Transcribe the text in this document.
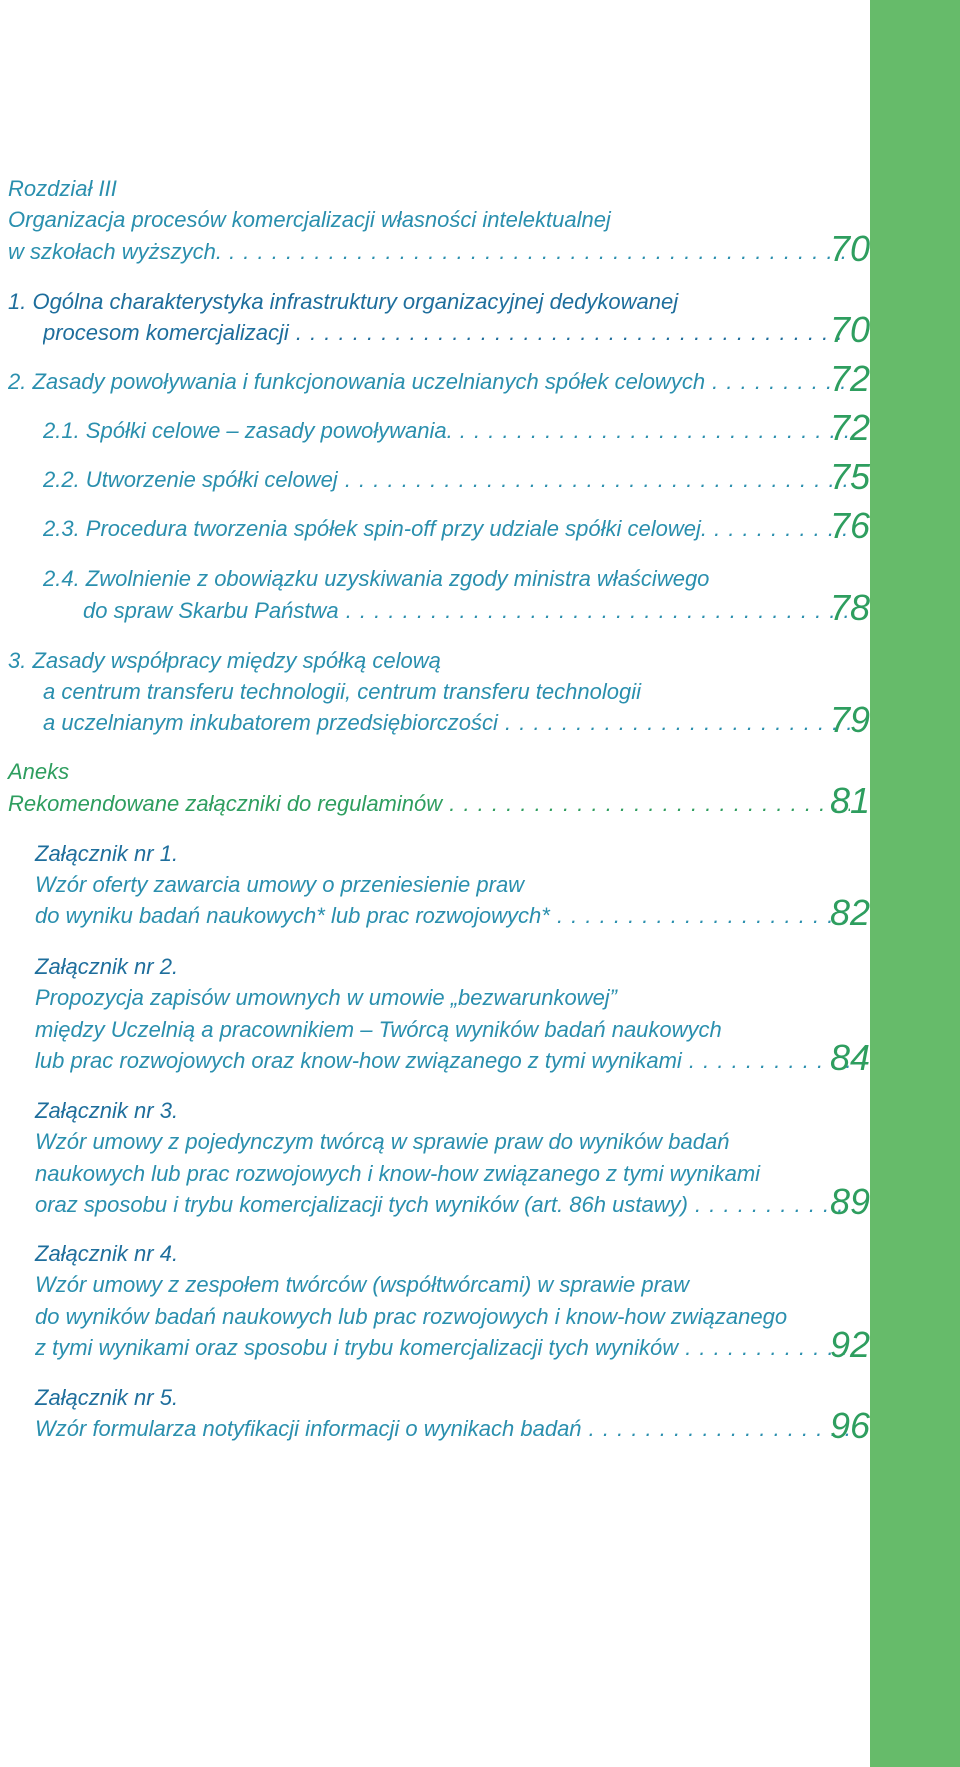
Rozdział III
Organizacja procesów komercjalizacji własności intelektualnej
w szkołach wyższych. . . .	70
1. Ogólna charakterystyka infrastruktury organizacyjnej dedykowanej
procesom komercjalizacji . . .	70
2. Zasady powoływania i funkcjonowania uczelnianych spółek celowych . . .	72
2.1. Spółki celowe – zasady powoływania. . . .	72
2.2. Utworzenie spółki celowej . . .	75
2.3. Procedura tworzenia spółek spin-off przy udziale spółki celowej. . . .	76
2.4. Zwolnienie z obowiązku uzyskiwania zgody ministra właściwego
do spraw Skarbu Państwa . . .	78
3. Zasady współpracy między spółką celową
a centrum transferu technologii, centrum transferu technologii
a uczelnianym inkubatorem przedsiębiorczości . . .	79
Aneks
Rekomendowane załączniki do regulaminów . . .	81
Załącznik nr 1.
Wzór oferty zawarcia umowy o przeniesienie praw
do wyniku badań naukowych* lub prac rozwojowych* . . .	82
Załącznik nr 2.
Propozycja zapisów umownych w umowie „bezwarunkowej”
między Uczelnią a pracownikiem – Twórcą wyników badań naukowych
lub prac rozwojowych oraz know-how związanego z tymi wynikami . . .	84
Załącznik nr 3.
Wzór umowy z pojedynczym twórcą w sprawie praw do wyników badań
naukowych lub prac rozwojowych i know-how związanego z tymi wynikami
oraz sposobu i trybu komercjalizacji tych wyników (art. 86h ustawy) . . .	89
Załącznik nr 4.
Wzór umowy z zespołem twórców (współtwórcami) w sprawie praw
do wyników badań naukowych lub prac rozwojowych i know-how związanego
z tymi wynikami oraz sposobu i trybu komercjalizacji tych wyników . . .	92
Załącznik nr 5.
Wzór formularza notyfikacji informacji o wynikach badań . . .	96
